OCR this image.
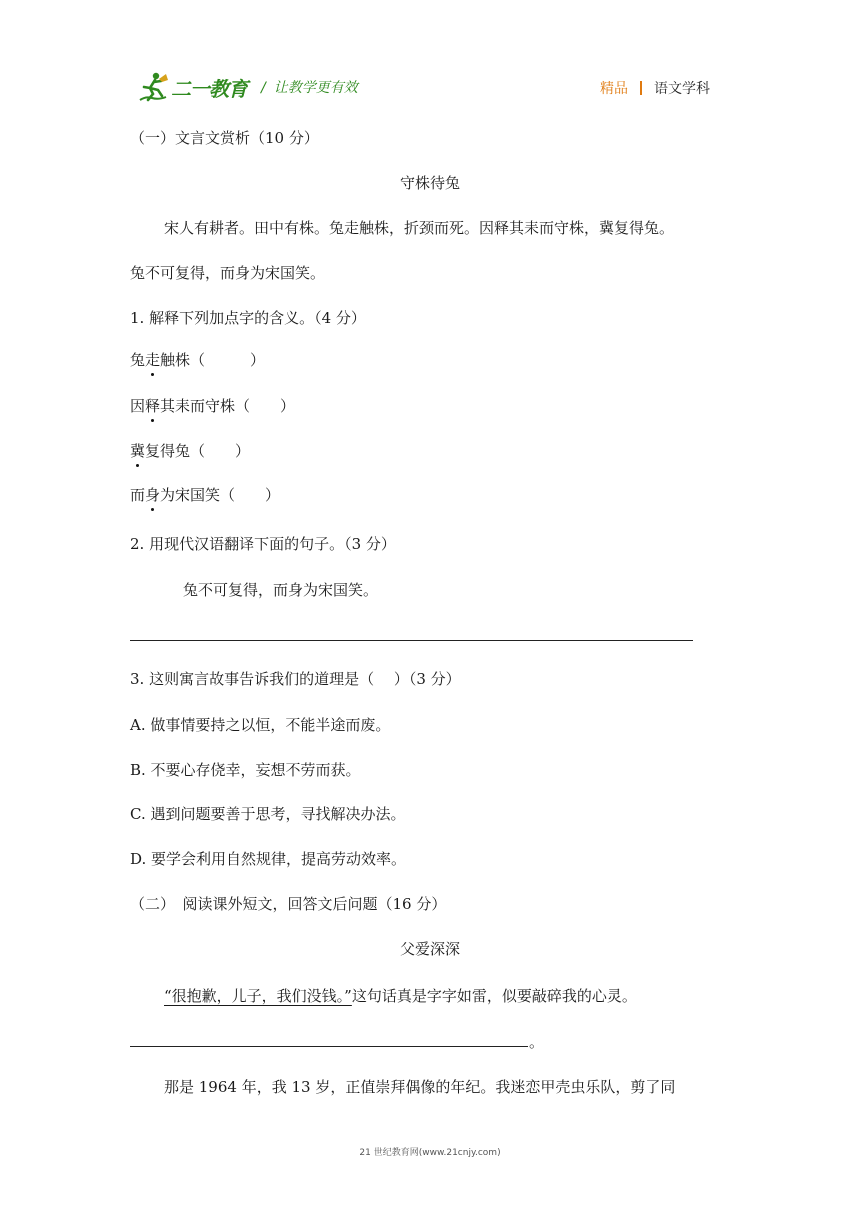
二一教育 / 让教学更有效	精品 语文学科
（一）文言文赏析（10 分）
守株待兔
宋人有耕者。田中有株。兔走触株，折颈而死。因释其耒而守株，冀复得兔。
兔不可复得，而身为宋国笑。
1. 解释下列加点字的含义。（4 分）
兔走触株（　　　）
因释其耒而守株（　　）
冀复得兔（　　）
而身为宋国笑（　　）
2. 用现代汉语翻译下面的句子。（3 分）
兔不可复得，而身为宋国笑。
3. 这则寓言故事告诉我们的道理是（　 ）（3 分）
A. 做事情要持之以恒，不能半途而废。
B. 不要心存侥幸，妄想不劳而获。
C. 遇到问题要善于思考，寻找解决办法。
D. 要学会利用自然规律，提高劳动效率。
（二）　阅读课外短文，回答文后问题（16 分）
父爱深深
“很抱歉，儿子，我们没钱。”这句话真是字字如雷，似要敲碎我的心灵。
。
那是 1964 年，我 13 岁，正值崇拜偶像的年纪。我迷恋甲壳虫乐队，剪了同
21 世纪教育网(www.21cnjy.com)
